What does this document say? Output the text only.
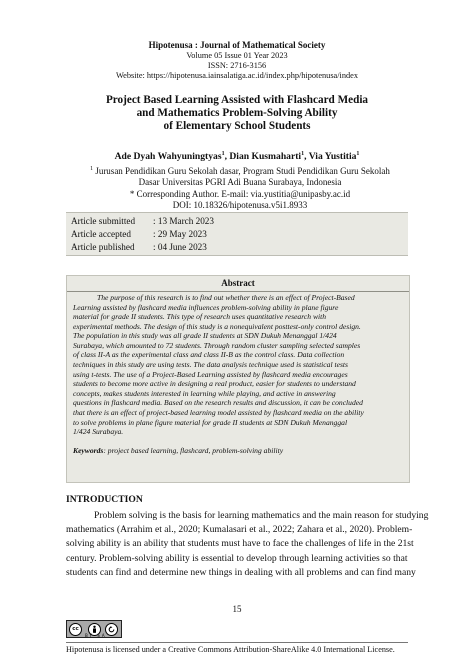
Hipotenusa : Journal of Mathematical Society
Volume 05 Issue 01 Year 2023
ISSN: 2716-3156
Website: https://hipotenusa.iainsalatiga.ac.id/index.php/hipotenusa/index
Project Based Learning Assisted with Flashcard Media
and Mathematics Problem-Solving Ability
of Elementary School Students
Ade Dyah Wahyuningtyas$^1$, Dian Kusmaharti$^1$, Via Yustitia$^1$
$^1$ Jurusan Pendidikan Guru Sekolah dasar, Program Studi Pendidikan Guru Sekolah
Dasar Universitas PGRI Adi Buana Surabaya, Indonesia
* Corresponding Author. E-mail: via.yustitia@unipasby.ac.id
DOI: 10.18326/hipotenusa.v5i1.8933
Article submitted : 13 March 2023
Article accepted : 29 May 2023
Article published : 04 June 2023
Abstract
The purpose of this research is to find out whether there is an effect of Project-Based
Learning assisted by flashcard media influences problem-solving ability in plane figure
material for grade II students. This type of research uses quantitative research with
experimental methods. The design of this study is a nonequivalent posttest-only control design.
The population in this study was all grade II students at SDN Dukuh Menanggal 1/424
Surabaya, which amounted to 72 students. Through random cluster sampling selected samples
of class II-A as the experimental class and class II-B as the control class. Data collection
techniques in this study are using tests. The data analysis technique used is statistical tests
using t-tests. The use of a Project-Based Learning assisted by flashcard media encourages
students to become more active in designing a real product, easier for students to understand
concepts, makes students interested in learning while playing, and active in answering
questions in flashcard media. Based on the research results and discussion, it can be concluded
that there is an effect of project-based learning model assisted by flashcard media on the ability
to solve problems in plane figure material for grade II students at SDN Dukuh Menanggal
1/424 Surabaya.
Keywords: project based learning, flashcard, problem-solving ability
INTRODUCTION
Problem solving is the basis for learning mathematics and the main reason for studying
mathematics (Arrahim et al., 2020; Kumalasari et al., 2022; Zahara et al., 2020). Problem-
solving ability is an ability that students must have to face the challenges of life in the 21st
century. Problem-solving ability is essential to develop through learning activities so that
students can find and determine new things in dealing with all problems and can find many
15
cc
BY SA
Hipotenusa is licensed under a Creative Commons Attribution-ShareAlike 4.0 International License.
